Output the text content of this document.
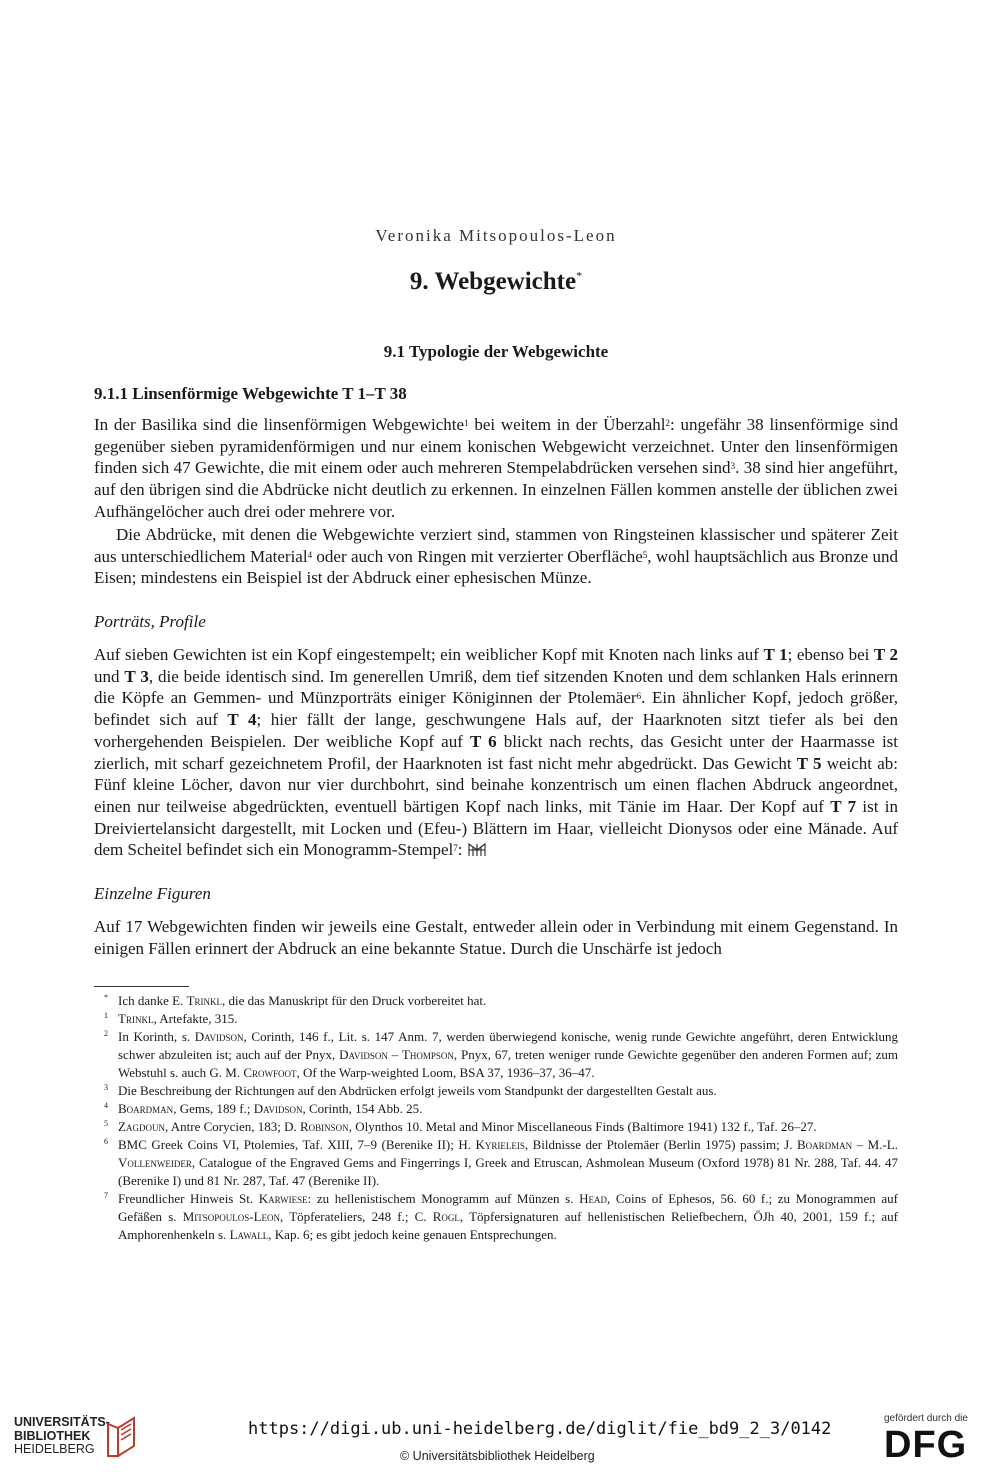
Veronika Mitsopoulos-Leon
9. Webgewichte*
9.1 Typologie der Webgewichte
9.1.1 Linsenförmige Webgewichte T 1–T 38

In der Basilika sind die linsenförmigen Webgewichte$^1$ bei weitem in der Überzahl$^2$: ungefähr 38 linsenförmige sind gegenüber sieben pyramidenförmigen und nur einem konischen Webgewicht verzeichnet. Unter den linsenförmigen finden sich 47 Gewichte, die mit einem oder auch mehreren Stempelabdrücken versehen sind$^3$. 38 sind hier angeführt, auf den übrigen sind die Abdrücke nicht deutlich zu erkennen. In einzelnen Fällen kommen anstelle der üblichen zwei Aufhängelöcher auch drei oder mehrere vor.

Die Abdrücke, mit denen die Webgewichte verziert sind, stammen von Ringsteinen klassischer und späterer Zeit aus unterschiedlichem Material$^4$ oder auch von Ringen mit verzierter Oberfläche$^5$, wohl hauptsächlich aus Bronze und Eisen; mindestens ein Beispiel ist der Abdruck einer ephesischen Münze.

Porträts, Profile

Auf sieben Gewichten ist ein Kopf eingestempelt; ein weiblicher Kopf mit Knoten nach links auf T 1; ebenso bei T 2 und T 3, die beide identisch sind. Im generellen Umriß, dem tief sitzenden Knoten und dem schlanken Hals erinnern die Köpfe an Gemmen- und Münzporträts einiger Königinnen der Ptolemäer$^6$. Ein ähnlicher Kopf, jedoch größer, befindet sich auf T 4; hier fällt der lange, geschwungene Hals auf, der Haarknoten sitzt tiefer als bei den vorhergehenden Beispielen. Der weibliche Kopf auf T 6 blickt nach rechts, das Gesicht unter der Haarmasse ist zierlich, mit scharf gezeichnetem Profil, der Haarknoten ist fast nicht mehr abgedrückt. Das Gewicht T 5 weicht ab: Fünf kleine Löcher, davon nur vier durchbohrt, sind beinahe konzentrisch um einen flachen Abdruck angeordnet, einen nur teilweise abgedrückten, eventuell bärtigen Kopf nach links, mit Tänie im Haar. Der Kopf auf T 7 ist in Dreiviertelansicht dargestellt, mit Locken und (Efeu-) Blättern im Haar, vielleicht Dionysos oder eine Mänade. Auf dem Scheitel befindet sich ein Monogramm-Stempel$^7$:

Einzelne Figuren

Auf 17 Webgewichten finden wir jeweils eine Gestalt, entweder allein oder in Verbindung mit einem Gegenstand. In einigen Fällen erinnert der Abdruck an eine bekannte Statue. Durch die Unschärfe ist jedoch

* Ich danke E. Trinkl, die das Manuskript für den Druck vorbereitet hat.
1 Trinkl, Artefakte, 315.
2 In Korinth, s. Davidson, Corinth, 146 f., Lit. s. 147 Anm. 7, werden überwiegend konische, wenig runde Gewichte angeführt, deren Entwicklung schwer abzuleiten ist; auch auf der Pnyx, Davidson – Thompson, Pnyx, 67, treten weniger runde Gewichte gegenüber den anderen Formen auf; zum Webstuhl s. auch G. M. Crowfoot, Of the Warp-weighted Loom, BSA 37, 1936–37, 36–47.
3 Die Beschreibung der Richtungen auf den Abdrücken erfolgt jeweils vom Standpunkt der dargestellten Gestalt aus.
4 Boardman, Gems, 189 f.; Davidson, Corinth, 154 Abb. 25.
5 Zagdoun, Antre Corycien, 183; D. Robinson, Olynthos 10. Metal and Minor Miscellaneous Finds (Baltimore 1941) 132 f., Taf. 26–27.
6 BMC Greek Coins VI, Ptolemies, Taf. XIII, 7–9 (Berenike II); H. Kyrieleis, Bildnisse der Ptolemäer (Berlin 1975) passim; J. Boardman – M.-L. Vollenweider, Catalogue of the Engraved Gems and Fingerrings I, Greek and Etruscan, Ashmolean Museum (Oxford 1978) 81 Nr. 288, Taf. 44. 47 (Berenike I) und 81 Nr. 287, Taf. 47 (Berenike II).
7 Freundlicher Hinweis St. Karwiese: zu hellenistischem Monogramm auf Münzen s. Head, Coins of Ephesos, 56. 60 f.; zu Monogrammen auf Gefäßen s. Mitsopoulos-Leon, Töpferateliers, 248 f.; C. Rogl, Töpfersignaturen auf hellenistischen Reliefbechern, ÖJh 40, 2001, 159 f.; auf Amphorenhenkeln s. Lawall, Kap. 6; es gibt jedoch keine genauen Entsprechungen.
UNIVERSITÄTS-
BIBLIOTHEK
HEIDELBERG
https://digi.ub.uni-heidelberg.de/diglit/fie_bd9_2_3/0142
© Universitätsbibliothek Heidelberg
gefördert durch die
DFG
